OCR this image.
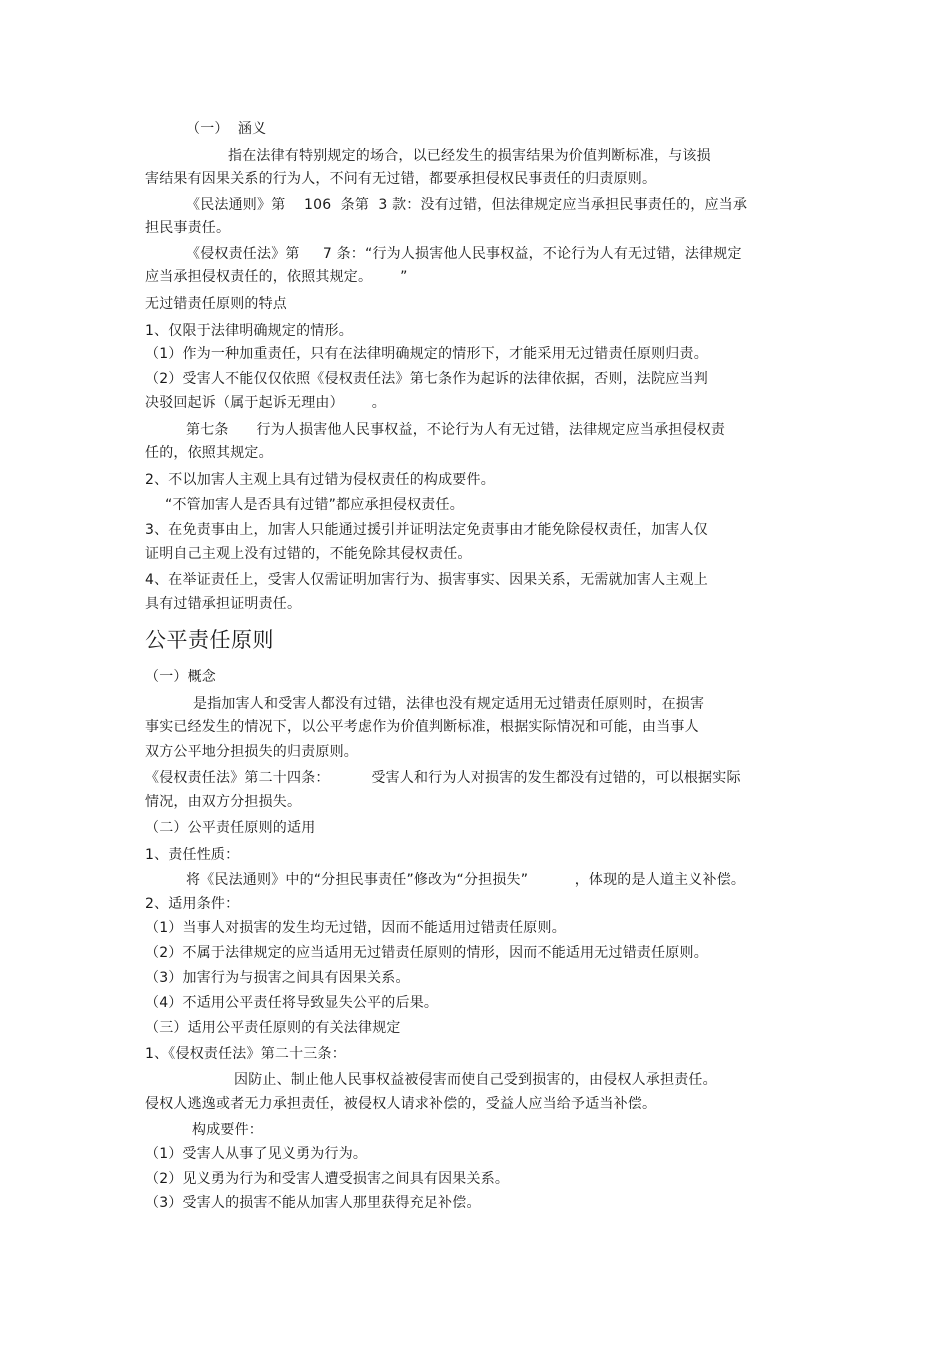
（一）  涵义
指在法律有特别规定的场合，以已经发生的损害结果为价值判断标准，与该损
害结果有因果关系的行为人，不问有无过错，都要承担侵权民事责任的归责原则。
《民法通则》第    106  条第  3 款：没有过错，但法律规定应当承担民事责任的，应当承
担民事责任。
《侵权责任法》第     7 条：“行为人损害他人民事权益，不论行为人有无过错，法律规定
应当承担侵权责任的，依照其规定。      ”
无过错责任原则的特点
1、仅限于法律明确规定的情形。
（1）作为一种加重责任，只有在法律明确规定的情形下，才能采用无过错责任原则归责。
（2）受害人不能仅仅依照《侵权责任法》第七条作为起诉的法律依据，否则，法院应当判
决驳回起诉（属于起诉无理由）      。
第七条      行为人损害他人民事权益，不论行为人有无过错，法律规定应当承担侵权责
任的，依照其规定。
2、不以加害人主观上具有过错为侵权责任的构成要件。
“不管加害人是否具有过错”都应承担侵权责任。
3、在免责事由上，加害人只能通过援引并证明法定免责事由才能免除侵权责任，加害人仅
证明自己主观上没有过错的，不能免除其侵权责任。
4、在举证责任上，受害人仅需证明加害行为、损害事实、因果关系，无需就加害人主观上
具有过错承担证明责任。
公平责任原则
（一）概念
是指加害人和受害人都没有过错，法律也没有规定适用无过错责任原则时，在损害
事实已经发生的情况下，以公平考虑作为价值判断标准，根据实际情况和可能，由当事人
双方公平地分担损失的归责原则。
《侵权责任法》第二十四条：         受害人和行为人对损害的发生都没有过错的，可以根据实际
情况，由双方分担损失。
（二）公平责任原则的适用
1、责任性质：
将《民法通则》中的“分担民事责任”修改为“分担损失”          ，体现的是人道主义补偿。
2、适用条件：
（1）当事人对损害的发生均无过错，因而不能适用过错责任原则。
（2）不属于法律规定的应当适用无过错责任原则的情形，因而不能适用无过错责任原则。
（3）加害行为与损害之间具有因果关系。
（4）不适用公平责任将导致显失公平的后果。
（三）适用公平责任原则的有关法律规定
1、《侵权责任法》第二十三条：
因防止、制止他人民事权益被侵害而使自己受到损害的，由侵权人承担责任。
侵权人逃逸或者无力承担责任，被侵权人请求补偿的，受益人应当给予适当补偿。
构成要件：
（1）受害人从事了见义勇为行为。
（2）见义勇为行为和受害人遭受损害之间具有因果关系。
（3）受害人的损害不能从加害人那里获得充足补偿。
